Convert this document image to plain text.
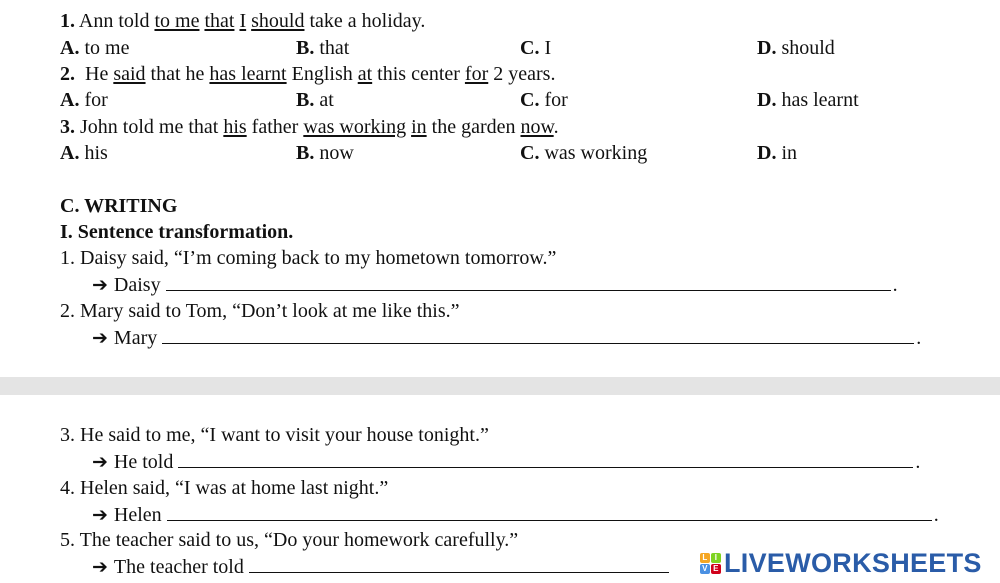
1. Ann told to me that I should take a holiday.
A. to me	B. that	C. I	D. should
2.  He said that he has learnt English at this center for 2 years.
A. for	B. at	C. for	D. has learnt
3. John told me that his father was working in the garden now.
A. his	B. now	C. was working	D. in
C. WRITING
I. Sentence transformation.
1. Daisy said, “I’m coming back to my hometown tomorrow.”
➔ Daisy	.
2. Mary said to Tom, “Don’t look at me like this.”
➔ Mary	.
3. He said to me, “I want to visit your house tonight.”
➔ He told	.
4. Helen said, “I was at home last night.”
➔ Helen	.
5. The teacher said to us, “Do your homework carefully.”
➔ The teacher told	L I
V E LIVEWORKSHEETS
